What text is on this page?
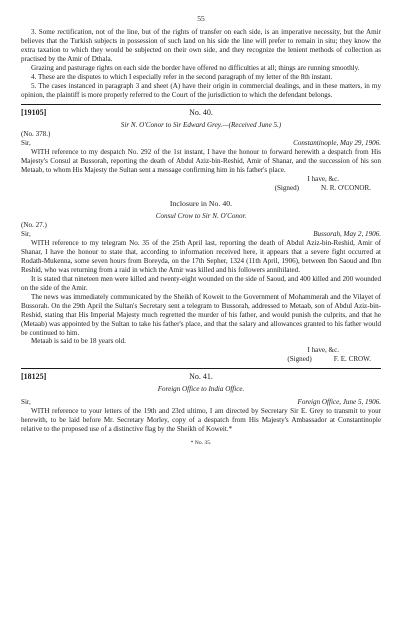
55

3. Some rectification, not of the line, but of the rights of transfer on each side, is an imperative necessity, but the Amir believes that the Turkish subjects in possession of such land on his side the line will prefer to remain in situ; they know the extra taxation to which they would be subjected on their own side, and they recognize the lenient methods of collection as practised by the Amir of Dthala.

Grazing and pasturage rights on each side the border have offered no difficulties at all; things are running smoothly.

4. These are the disputes to which I especially refer in the second paragraph of my letter of the 8th instant.

5. The cases instanced in paragraph 3 and sheet (A) have their origin in commercial dealings, and in these matters, in my opinion, the plaintiff is more properly referred to the Court of the jurisdiction to which the defendant belongs.

[19105]	No. 40.

Sir N. O'Conor to Sir Edward Grey.—(Received June 5.)

(No. 378.)

Sir,	Constantinople, May 29, 1906.

WITH reference to my despatch No. 292 of the 1st instant, I have the honour to forward herewith a despatch from His Majesty's Consul at Bussorah, reporting the death of Abdul Aziz-bin-Reshid, Amir of Shanar, and the succession of his son Metaab, to whom His Majesty the Sultan sent a message confirming him in his father's place.

I have, &c.
(Signed)	N. R. O'CONOR.
Inclosure in No. 40.

Consul Crow to Sir N. O'Conor.

(No. 27.)

Sir,	Bussorah, May 2, 1906.

WITH reference to my telegram No. 35 of the 25th April last, reporting the death of Abdul Aziz-bin-Reshid, Amir of Shanar, I have the honour to state that, according to information received here, it appears that a severe fight occurred at Rodath-Mukenna, some seven hours from Boreyda, on the 17th Sepher, 1324 (11th April, 1906), between Ibn Saoud and Ibn Reshid, who was returning from a raid in which the Amir was killed and his followers annihilated.

It is stated that nineteen men were killed and twenty-eight wounded on the side of Saoud, and 400 killed and 200 wounded on the side of the Amir.

The news was immediately communicated by the Sheikh of Koweit to the Government of Mohammerah and the Vilayet of Bussorah. On the 29th April the Sultan's Secretary sent a telegram to Bussorah, addressed to Metaab, son of Abdul Aziz-bin-Reshid, stating that His Imperial Majesty much regretted the murder of his father, and would punish the culprits, and that he (Metaab) was appointed by the Sultan to take his father's place, and that the salary and allowances granted to his father would be continued to him.

Metaab is said to be 18 years old.

I have, &c.
(Signed)	F. E. CROW.
[18125]	No. 41.

Foreign Office to India Office.

Sir,	Foreign Office, June 5, 1906.

WITH reference to your letters of the 19th and 23rd ultimo, I am directed by Secretary Sir E. Grey to transmit to your herewith, to be laid before Mr. Secretary Morley, copy of a despatch from His Majesty's Ambassador at Constantinople relative to the proposed use of a distinctive flag by the Sheikh of Koweit.*

* No. 35.
